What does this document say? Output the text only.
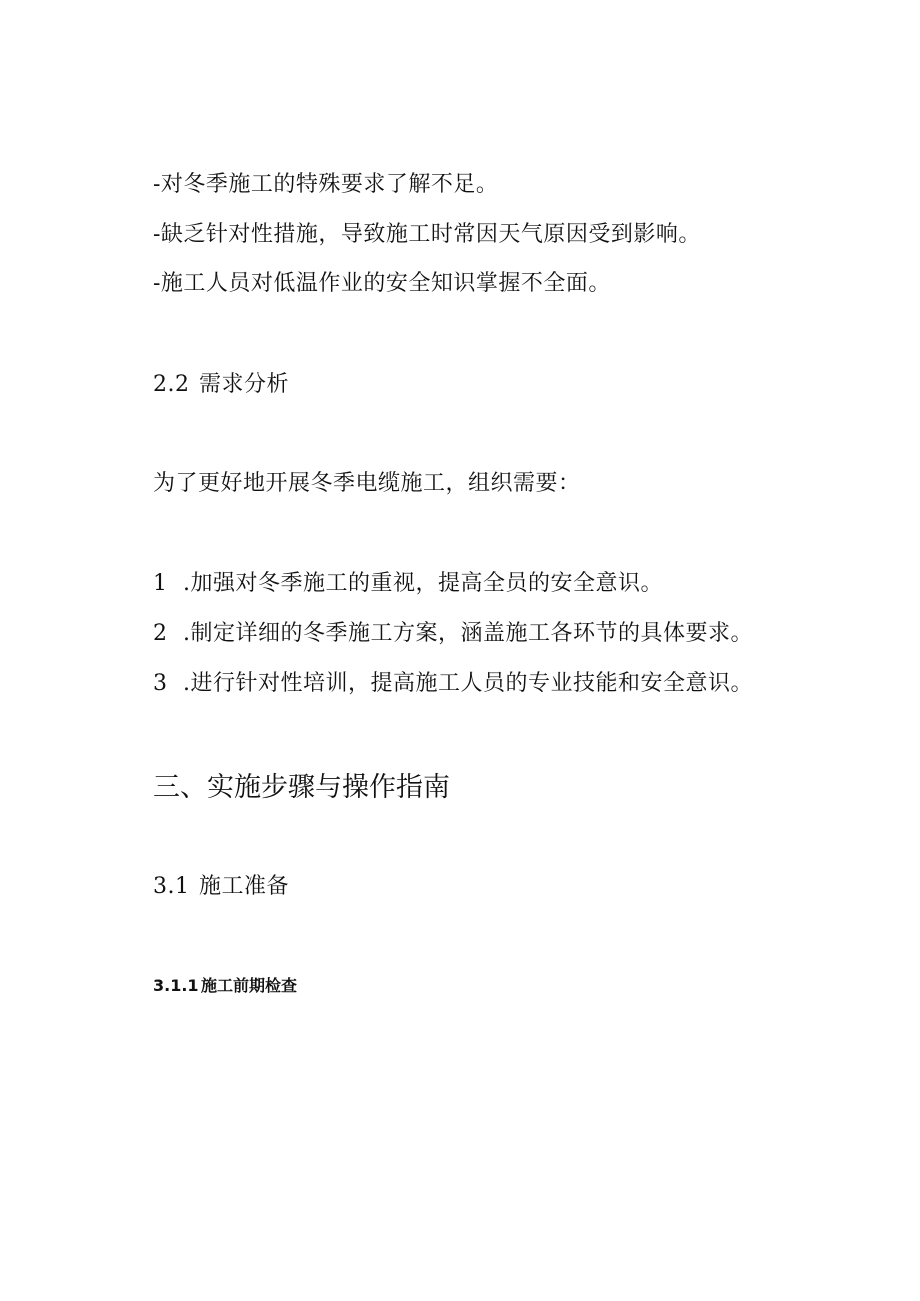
-对冬季施工的特殊要求了解不足。
-缺乏针对性措施，导致施工时常因天气原因受到影响。
-施工人员对低温作业的安全知识掌握不全面。
2.2 需求分析
为了更好地开展冬季电缆施工，组织需要：
1 .加强对冬季施工的重视，提高全员的安全意识。
2 .制定详细的冬季施工方案，涵盖施工各环节的具体要求。
3 .进行针对性培训，提高施工人员的专业技能和安全意识。
三、实施步骤与操作指南
3.1 施工准备
3.1.1 施工前期检查
